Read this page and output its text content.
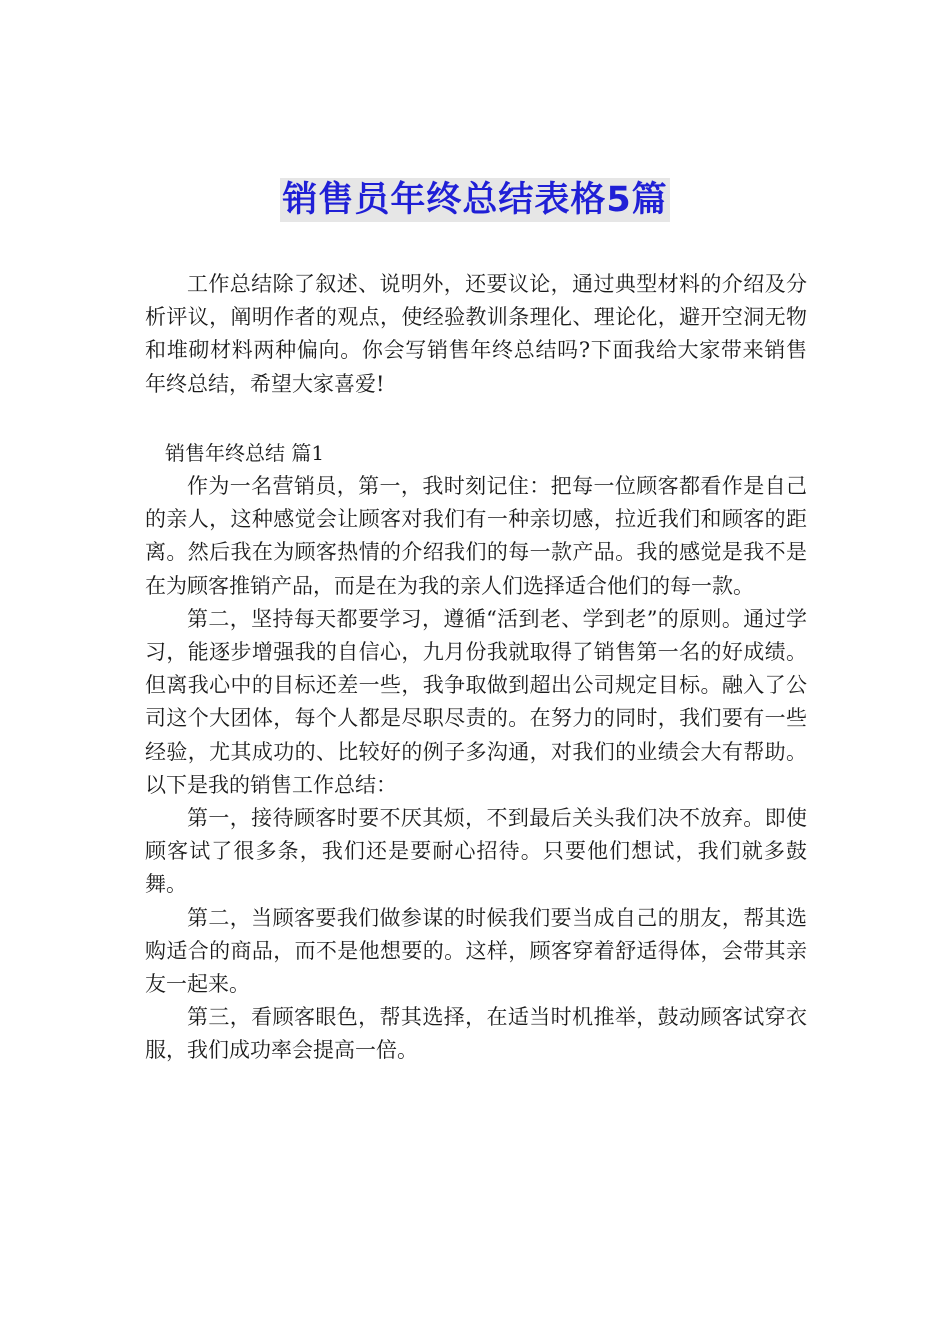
销售员年终总结表格5篇

工作总结除了叙述、说明外，还要议论，通过典型材料的介绍及分析评议，阐明作者的观点，使经验教训条理化、理论化，避开空洞无物和堆砌材料两种偏向。你会写销售年终总结吗?下面我给大家带来销售年终总结，希望大家喜爱!

销售年终总结 篇1

作为一名营销员，第一，我时刻记住：把每一位顾客都看作是自己的亲人，这种感觉会让顾客对我们有一种亲切感，拉近我们和顾客的距离。然后我在为顾客热情的介绍我们的每一款产品。我的感觉是我不是在为顾客推销产品，而是在为我的亲人们选择适合他们的每一款。

第二，坚持每天都要学习，遵循“活到老、学到老”的原则。通过学习，能逐步增强我的自信心，九月份我就取得了销售第一名的好成绩。但离我心中的目标还差一些，我争取做到超出公司规定目标。融入了公司这个大团体，每个人都是尽职尽责的。在努力的同时，我们要有一些经验，尤其成功的、比较好的例子多沟通，对我们的业绩会大有帮助。以下是我的销售工作总结：

第一，接待顾客时要不厌其烦，不到最后关头我们决不放弃。即使顾客试了很多条，我们还是要耐心招待。只要他们想试，我们就多鼓舞。

第二，当顾客要我们做参谋的时候我们要当成自己的朋友，帮其选购适合的商品，而不是他想要的。这样，顾客穿着舒适得体，会带其亲友一起来。

第三，看顾客眼色，帮其选择，在适当时机推举，鼓动顾客试穿衣服，我们成功率会提高一倍。
